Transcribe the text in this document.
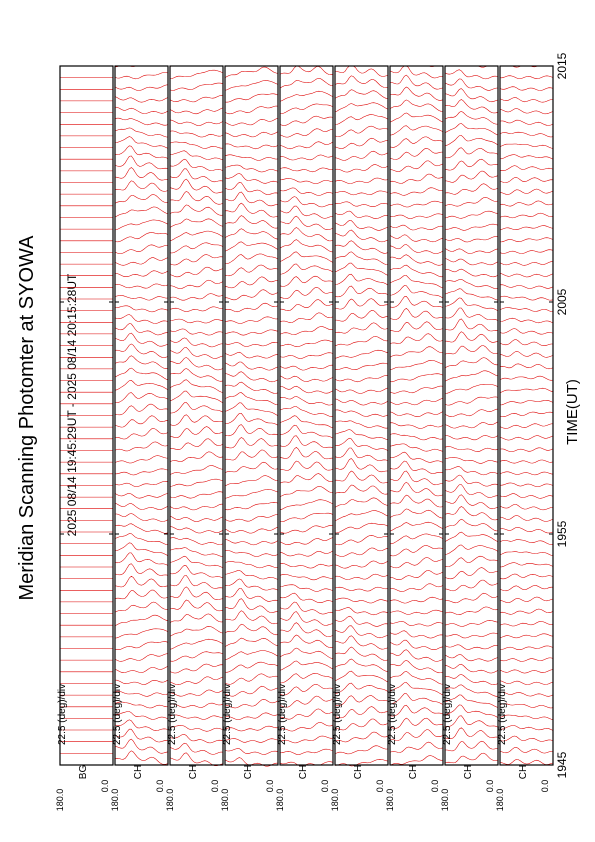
Meridian Scanning Photomter at SYOWA 2025 08/14 19:45:29UT - 2025 08/14 20:15:28UT	TIME(UT)
22.5 (deg)/div
180.0
BG
0.0
22.5 (deg)/div
180.0
CH
0.0
22.5 (deg)/div
180.0
CH
0.0
22.5 (deg)/div
180.0
CH
0.0
22.5 (deg)/div
180.0
CH
0.0
22.5 (deg)/div
180.0
CH
0.0
22.5 (deg)/div
180.0
CH
0.0
22.5 (deg)/div
180.0
CH
0.0
22.5 (deg)/div
180.0
CH
0.0
1945
1955
2005
2015
